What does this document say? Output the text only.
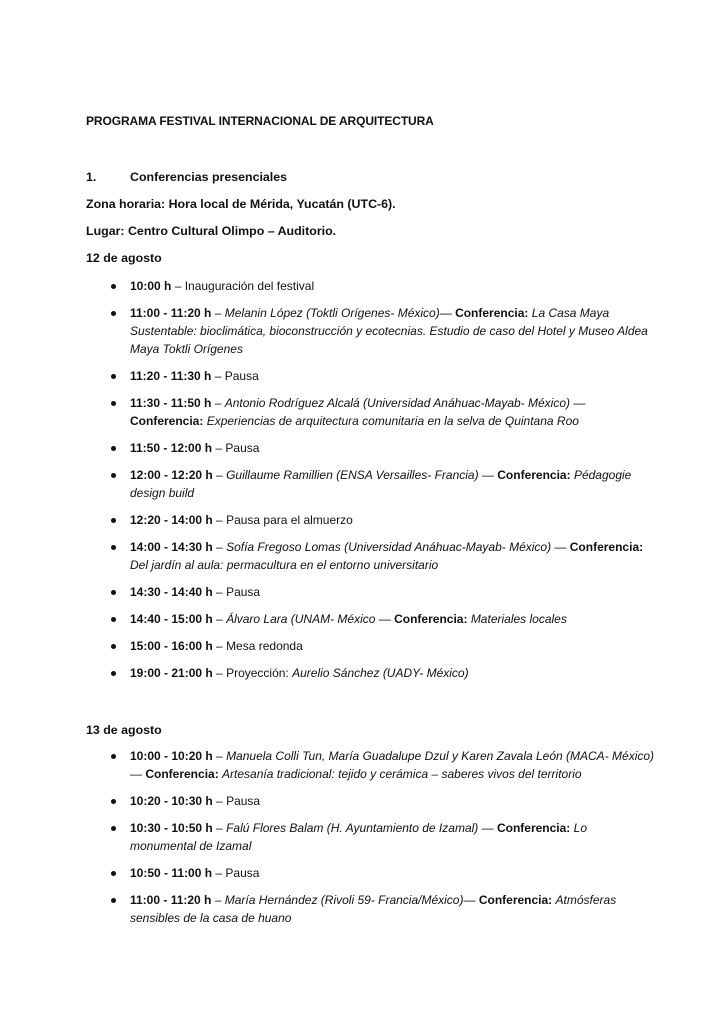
PROGRAMA FESTIVAL INTERNACIONAL DE ARQUITECTURA
1.	Conferencias presenciales
Zona horaria: Hora local de Mérida, Yucatán (UTC-6).
Lugar: Centro Cultural Olimpo – Auditorio.
12 de agosto
10:00 h – Inauguración del festival
11:00 - 11:20 h – Melanin López (Toktli Orígenes- México)— Conferencia: La Casa Maya Sustentable: bioclimática, bioconstrucción y ecotecnias. Estudio de caso del Hotel y Museo Aldea Maya Toktli Orígenes
11:20 - 11:30 h – Pausa
11:30 - 11:50 h – Antonio Rodríguez Alcalá (Universidad Anáhuac-Mayab- México) — Conferencia: Experiencias de arquitectura comunitaria en la selva de Quintana Roo
11:50 - 12:00 h – Pausa
12:00 - 12:20 h – Guillaume Ramillien (ENSA Versailles- Francia) — Conferencia: Pédagogie design build
12:20 - 14:00 h – Pausa para el almuerzo
14:00 - 14:30 h – Sofía Fregoso Lomas (Universidad Anáhuac-Mayab- México) — Conferencia: Del jardín al aula: permacultura en el entorno universitario
14:30 - 14:40 h – Pausa
14:40 - 15:00 h – Álvaro Lara (UNAM- México — Conferencia: Materiales locales
15:00 - 16:00 h – Mesa redonda
19:00 - 21:00 h – Proyección: Aurelio Sánchez (UADY- México)
13 de agosto
10:00 - 10:20 h – Manuela Colli Tun, María Guadalupe Dzul y Karen Zavala León (MACA- México)— Conferencia: Artesanía tradicional: tejido y cerámica – saberes vivos del territorio
10:20 - 10:30 h – Pausa
10:30 - 10:50 h – Falú Flores Balam (H. Ayuntamiento de Izamal) — Conferencia: Lo monumental de Izamal
10:50 - 11:00 h – Pausa
11:00 - 11:20 h – María Hernández (Rivoli 59- Francia/México)— Conferencia: Atmósferas sensibles de la casa de huano
